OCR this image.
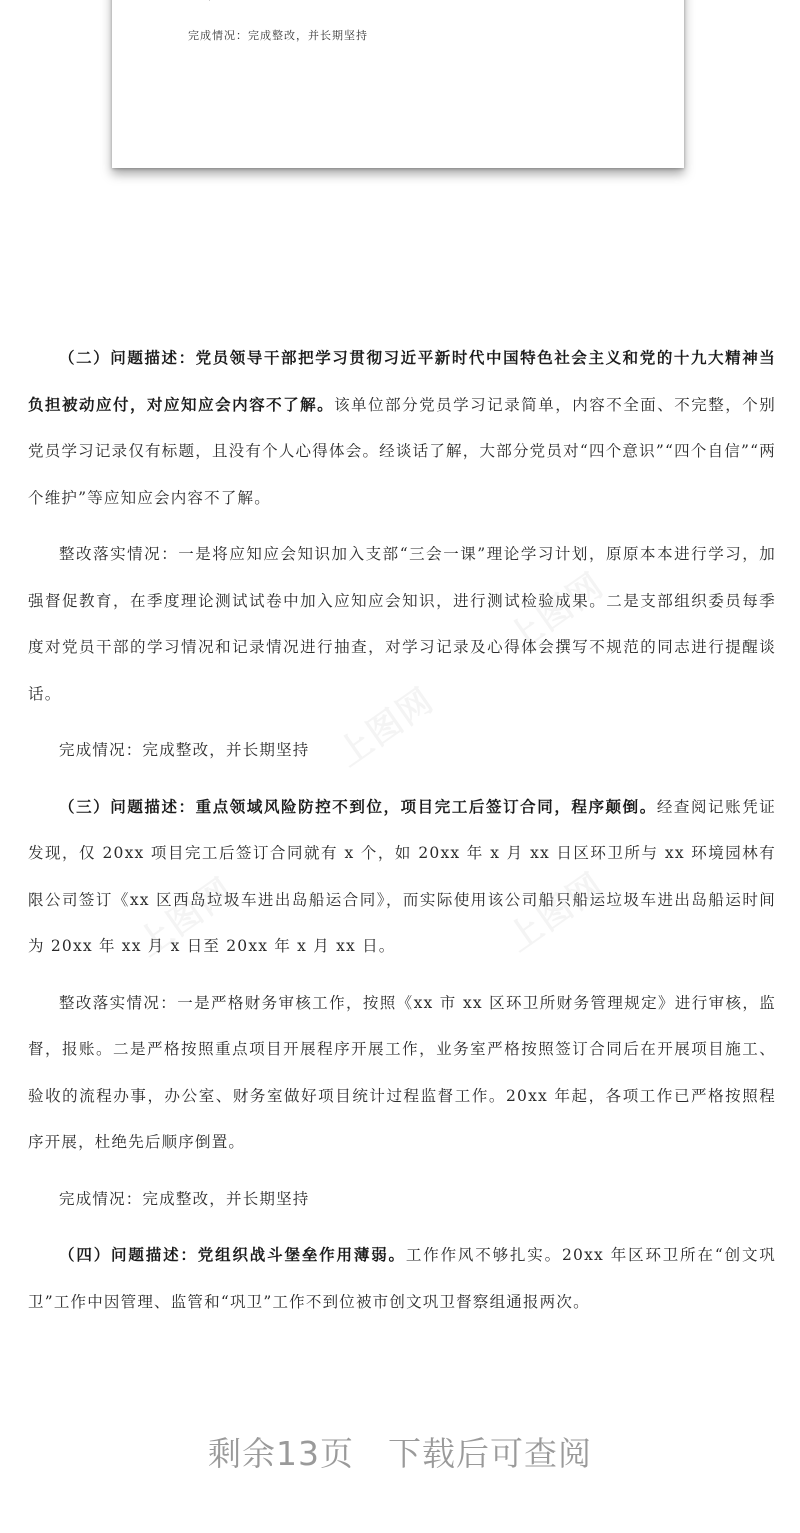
完成情况：完成整改，并长期坚持

（二）问题描述：党员领导干部把学习贯彻习近平新时代中国特色社会主义和党的十九大精神当负担被动应付，对应知应会内容不了解。该单位部分党员学习记录简单，内容不全面、不完整，个别党员学习记录仅有标题，且没有个人心得体会。经谈话了解，大部分党员对“四个意识”“四个自信”“两个维护”等应知应会内容不了解。

整改落实情况：一是将应知应会知识加入支部“三会一课”理论学习计划，原原本本进行学习，加强督促教育，在季度理论测试试卷中加入应知应会知识，进行测试检验成果。二是支部组织委员每季度对党员干部的学习情况和记录情况进行抽查，对学习记录及心得体会撰写不规范的同志进行提醒谈话。

完成情况：完成整改，并长期坚持

（三）问题描述：重点领域风险防控不到位，项目完工后签订合同，程序颠倒。经查阅记账凭证发现，仅 20xx 项目完工后签订合同就有 x 个，如 20xx 年 x 月 xx 日区环卫所与 xx 环境园林有限公司签订《xx 区西岛垃圾车进出岛船运合同》，而实际使用该公司船只船运垃圾车进出岛船运时间为 20xx 年 xx 月 x 日至 20xx 年 x 月 xx 日。

整改落实情况：一是严格财务审核工作，按照《xx 市 xx 区环卫所财务管理规定》进行审核，监督，报账。二是严格按照重点项目开展程序开展工作，业务室严格按照签订合同后在开展项目施工、验收的流程办事，办公室、财务室做好项目统计过程监督工作。20xx 年起，各项工作已严格按照程序开展，杜绝先后顺序倒置。

完成情况：完成整改，并长期坚持

（四）问题描述：党组织战斗堡垒作用薄弱。工作作风不够扎实。20xx 年区环卫所在“创文巩卫”工作中因管理、监管和“巩卫”工作不到位被市创文巩卫督察组通报两次。

剩余13页　下载后可查阅
